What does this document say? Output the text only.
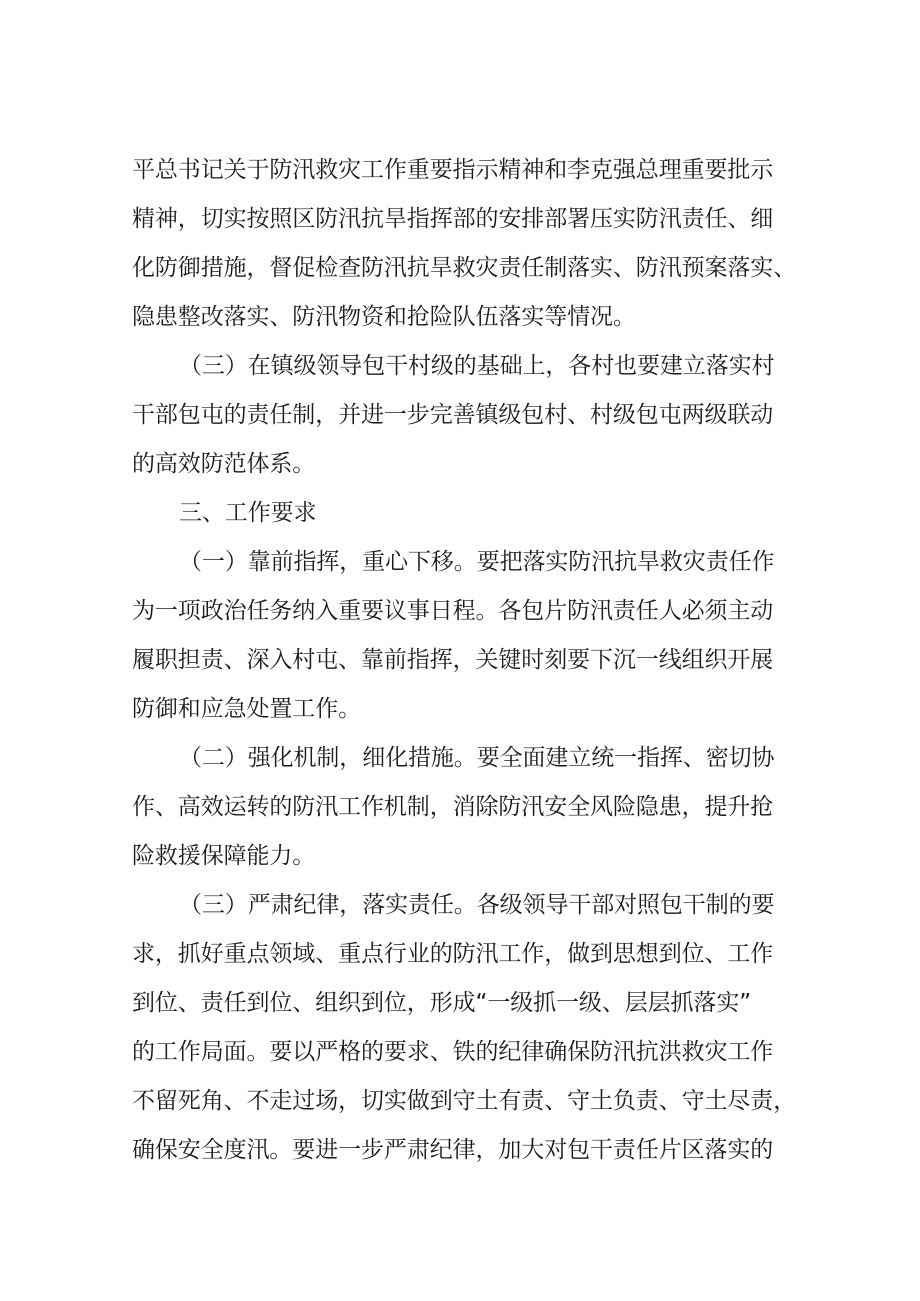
平总书记关于防汛救灾工作重要指示精神和李克强总理重要批示

精神，切实按照区防汛抗旱指挥部的安排部署压实防汛责任、细

化防御措施，督促检查防汛抗旱救灾责任制落实、防汛预案落实、

隐患整改落实、防汛物资和抢险队伍落实等情况。

（三）在镇级领导包干村级的基础上，各村也要建立落实村

干部包屯的责任制，并进一步完善镇级包村、村级包屯两级联动

的高效防范体系。

三、工作要求

（一）靠前指挥，重心下移。要把落实防汛抗旱救灾责任作

为一项政治任务纳入重要议事日程。各包片防汛责任人必须主动

履职担责、深入村屯、靠前指挥，关键时刻要下沉一线组织开展

防御和应急处置工作。

（二）强化机制，细化措施。要全面建立统一指挥、密切协

作、高效运转的防汛工作机制，消除防汛安全风险隐患，提升抢

险救援保障能力。

（三）严肃纪律，落实责任。各级领导干部对照包干制的要

求，抓好重点领域、重点行业的防汛工作，做到思想到位、工作

到位、责任到位、组织到位，形成“一级抓一级、层层抓落实”

的工作局面。要以严格的要求、铁的纪律确保防汛抗洪救灾工作

不留死角、不走过场，切实做到守土有责、守土负责、守土尽责，

确保安全度汛。要进一步严肃纪律，加大对包干责任片区落实的
